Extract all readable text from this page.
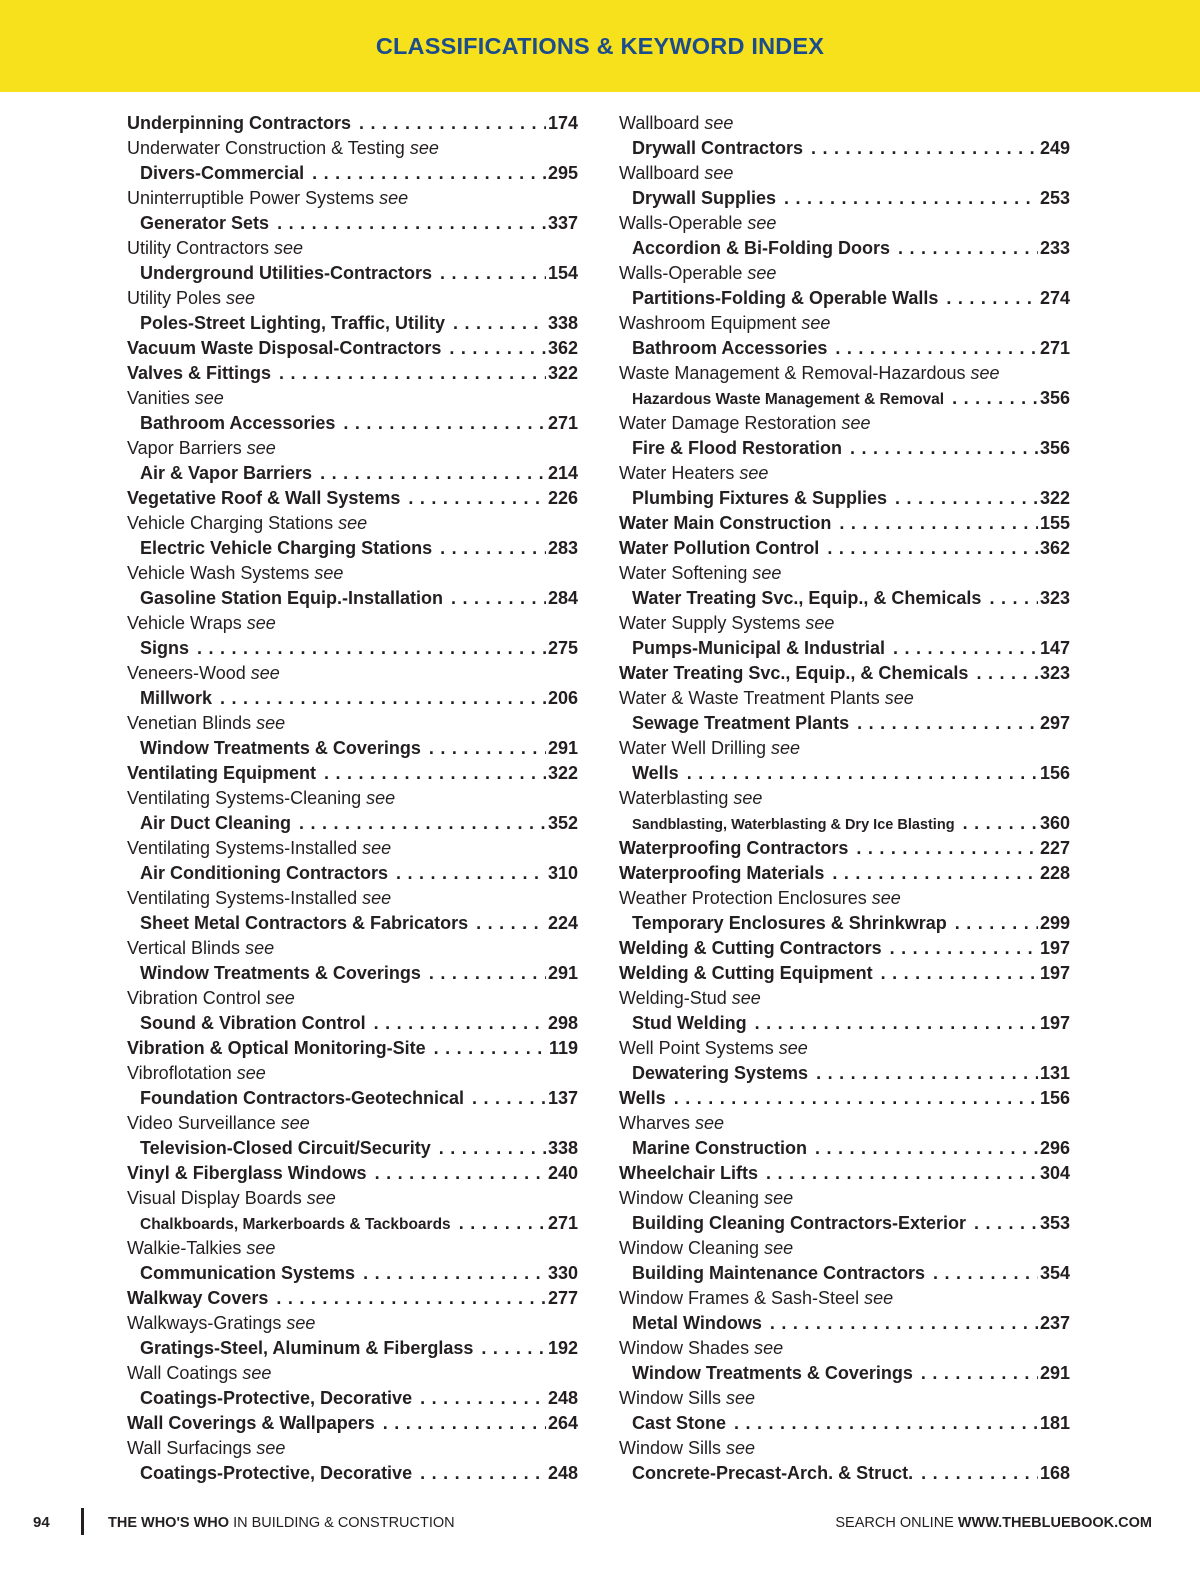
CLASSIFICATIONS & KEYWORD INDEX
Underpinning Contractors . . .	174
Underwater Construction & Testing see
Divers-Commercial . . .	295
Uninterruptible Power Systems see
Generator Sets . . .	337
Utility Contractors see
Underground Utilities-Contractors . . .	154
Utility Poles see
Poles-Street Lighting, Traffic, Utility . . .	338
Vacuum Waste Disposal-Contractors . . .	362
Valves & Fittings . . .	322
Vanities see
Bathroom Accessories . . .	271
Vapor Barriers see
Air & Vapor Barriers . . .	214
Vegetative Roof & Wall Systems . . .	226
Vehicle Charging Stations see
Electric Vehicle Charging Stations . . .	283
Vehicle Wash Systems see
Gasoline Station Equip.-Installation . . .	284
Vehicle Wraps see
Signs . . .	275
Veneers-Wood see
Millwork . . .	206
Venetian Blinds see
Window Treatments & Coverings . . .	291
Ventilating Equipment . . .	322
Ventilating Systems-Cleaning see
Air Duct Cleaning . . .	352
Ventilating Systems-Installed see
Air Conditioning Contractors . . .	310
Ventilating Systems-Installed see
Sheet Metal Contractors & Fabricators . . .	224
Vertical Blinds see
Window Treatments & Coverings . . .	291
Vibration Control see
Sound & Vibration Control . . .	298
Vibration & Optical Monitoring-Site . . .	119
Vibroflotation see
Foundation Contractors-Geotechnical . . .	137
Video Surveillance see
Television-Closed Circuit/Security . . .	338
Vinyl & Fiberglass Windows . . .	240
Visual Display Boards see
Chalkboards, Markerboards & Tackboards . . .	271
Walkie-Talkies see
Communication Systems . . .	330
Walkway Covers . . .	277
Walkways-Gratings see
Gratings-Steel, Aluminum & Fiberglass . . .	192
Wall Coatings see
Coatings-Protective, Decorative . . .	248
Wall Coverings & Wallpapers . . .	264
Wall Surfacings see
Coatings-Protective, Decorative . . .	248
Wallboard see
Drywall Contractors . . .	249
Wallboard see
Drywall Supplies . . .	253
Walls-Operable see
Accordion & Bi-Folding Doors . . .	233
Walls-Operable see
Partitions-Folding & Operable Walls . . .	274
Washroom Equipment see
Bathroom Accessories . . .	271
Waste Management & Removal-Hazardous see
Hazardous Waste Management & Removal . . .	356
Water Damage Restoration see
Fire & Flood Restoration . . .	356
Water Heaters see
Plumbing Fixtures & Supplies . . .	322
Water Main Construction . . .	155
Water Pollution Control . . .	362
Water Softening see
Water Treating Svc., Equip., & Chemicals . . .	323
Water Supply Systems see
Pumps-Municipal & Industrial . . .	147
Water Treating Svc., Equip., & Chemicals . . .	323
Water & Waste Treatment Plants see
Sewage Treatment Plants . . .	297
Water Well Drilling see
Wells . . .	156
Waterblasting see
Sandblasting, Waterblasting & Dry Ice Blasting . . .	360
Waterproofing Contractors . . .	227
Waterproofing Materials . . .	228
Weather Protection Enclosures see
Temporary Enclosures & Shrinkwrap . . .	299
Welding & Cutting Contractors . . .	197
Welding & Cutting Equipment . . .	197
Welding-Stud see
Stud Welding . . .	197
Well Point Systems see
Dewatering Systems . . .	131
Wells . . .	156
Wharves see
Marine Construction . . .	296
Wheelchair Lifts . . .	304
Window Cleaning see
Building Cleaning Contractors-Exterior . . .	353
Window Cleaning see
Building Maintenance Contractors . . .	354
Window Frames & Sash-Steel see
Metal Windows . . .	237
Window Shades see
Window Treatments & Coverings . . .	291
Window Sills see
Cast Stone . . .	181
Window Sills see
Concrete-Precast-Arch. & Struct. . . .	168
94	THE WHO'S WHO IN BUILDING & CONSTRUCTION	SEARCH ONLINE WWW.THEBLUEBOOK.COM
